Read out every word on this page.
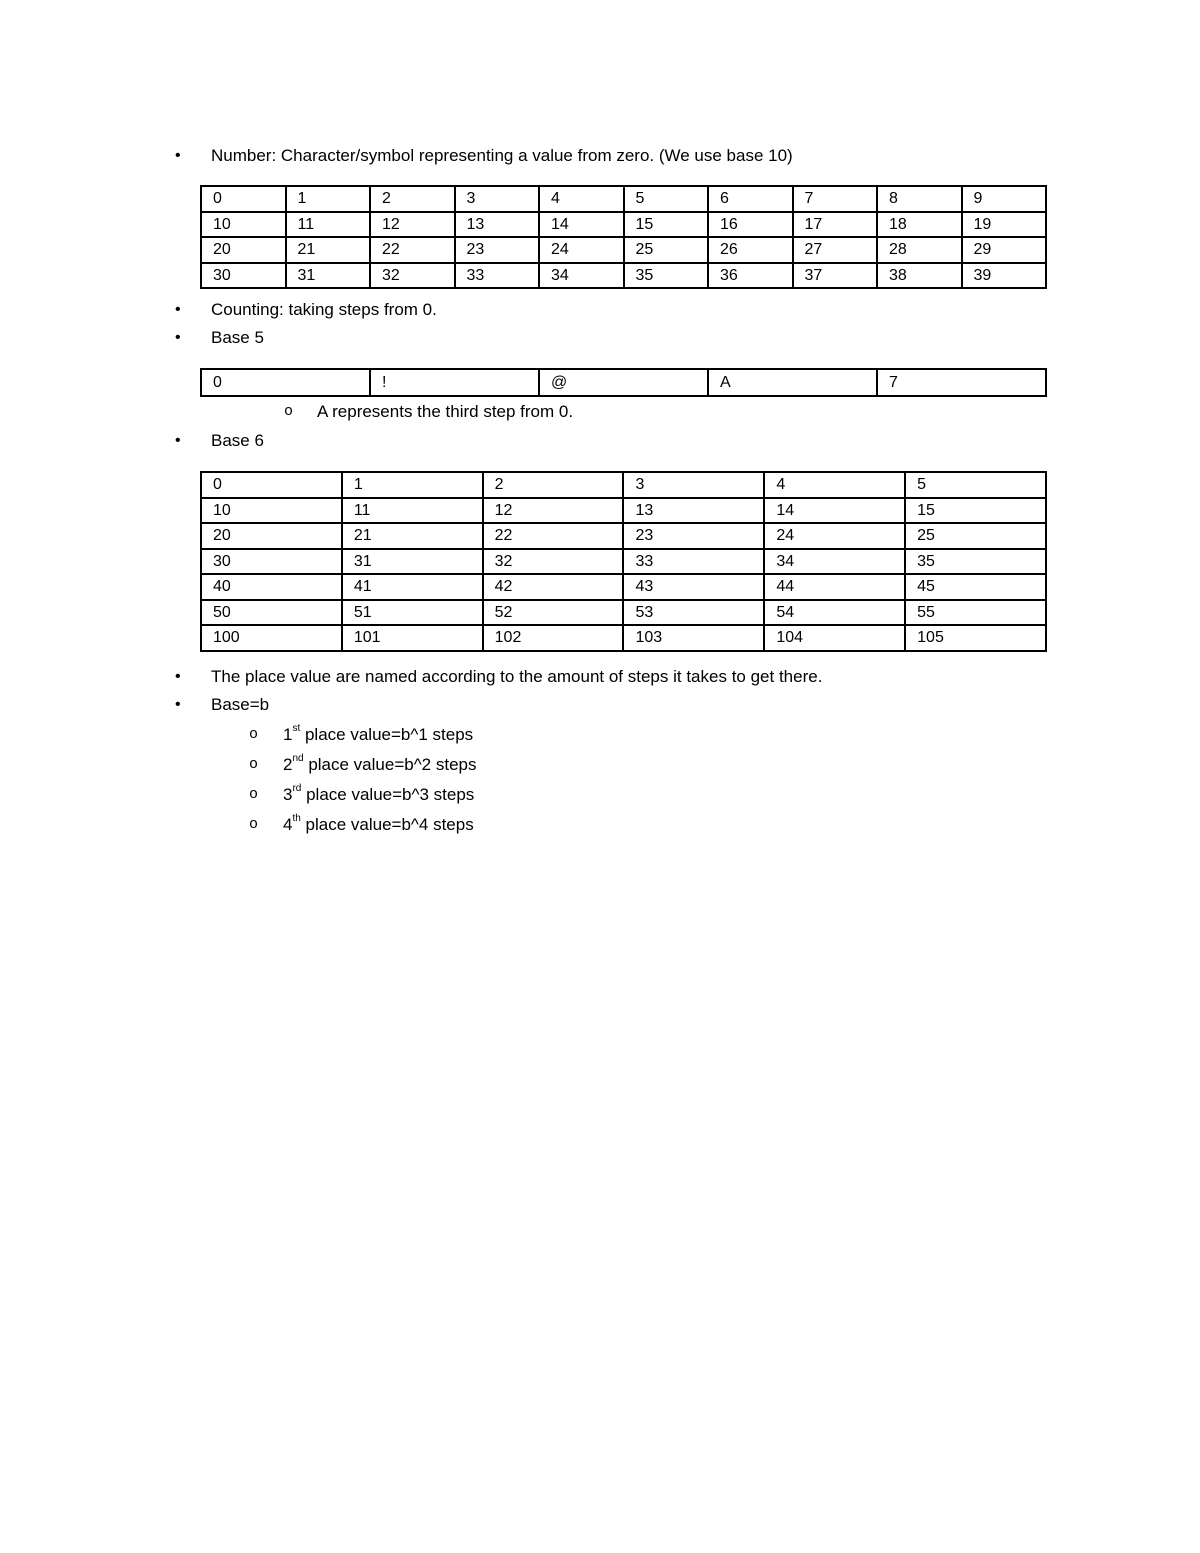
• Number: Character/symbol representing a value from zero. (We use base 10)
0	1	2	3	4	5	6	7	8	9
10	11	12	13	14	15	16	17	18	19
20	21	22	23	24	25	26	27	28	29
30	31	32	33	34	35	36	37	38	39
• Counting: taking steps from 0.
• Base 5
0	!	@	A	7
o A represents the third step from 0.
• Base 6
0	1	2	3	4	5
10	11	12	13	14	15
20	21	22	23	24	25
30	31	32	33	34	35
40	41	42	43	44	45
50	51	52	53	54	55
100	101	102	103	104	105
• The place value are named according to the amount of steps it takes to get there.
• Base=b
o 1st place value=b^1 steps
o 2nd place value=b^2 steps
o 3rd place value=b^3 steps
o 4th place value=b^4 steps
